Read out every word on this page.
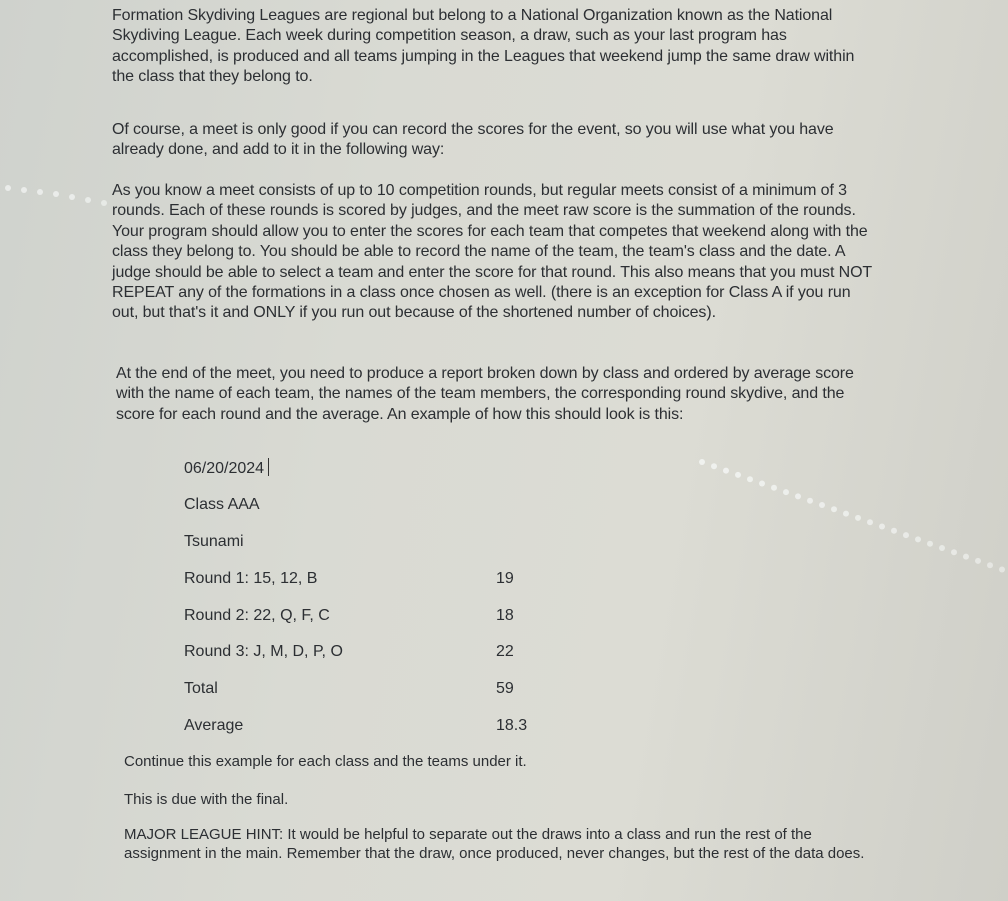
Formation Skydiving Leagues are regional but belong to a National Organization known as the National Skydiving League. Each week during competition season, a draw, such as your last program has accomplished, is produced and all teams jumping in the Leagues that weekend jump the same draw within the class that they belong to.

Of course, a meet is only good if you can record the scores for the event, so you will use what you have already done, and add to it in the following way:

As you know a meet consists of up to 10 competition rounds, but regular meets consist of a minimum of 3 rounds. Each of these rounds is scored by judges, and the meet raw score is the summation of the rounds. Your program should allow you to enter the scores for each team that competes that weekend along with the class they belong to. You should be able to record the name of the team, the team's class and the date. A judge should be able to select a team and enter the score for that round. This also means that you must NOT REPEAT any of the formations in a class once chosen as well. (there is an exception for Class A if you run out, but that's it and ONLY if you run out because of the shortened number of choices).

At the end of the meet, you need to produce a report broken down by class and ordered by average score with the name of each team, the names of the team members, the corresponding round skydive, and the score for each round and the average. An example of how this should look is this:

06/20/2024
Class AAA
Tsunami
Round 1: 15, 12, B	19
Round 2: 22, Q, F, C	18
Round 3: J, M, D, P, O	22
Total	59
Average	18.3

Continue this example for each class and the teams under it.

This is due with the final.

MAJOR LEAGUE HINT: It would be helpful to separate out the draws into a class and run the rest of the assignment in the main. Remember that the draw, once produced, never changes, but the rest of the data does.
